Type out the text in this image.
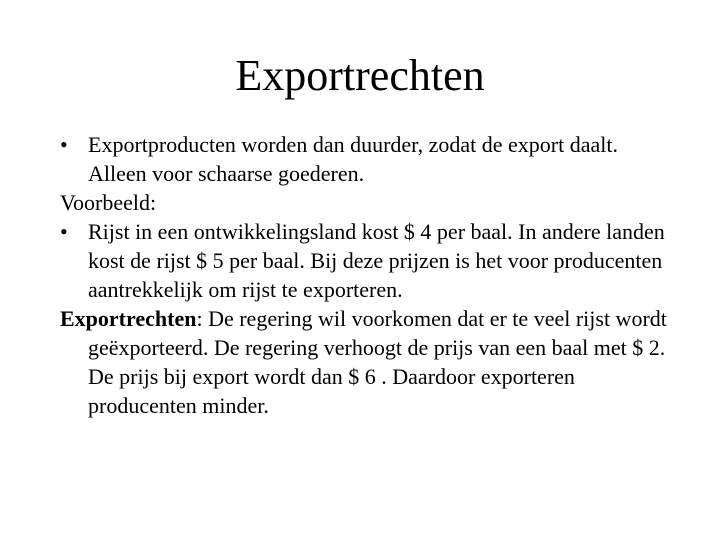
Exportrechten

• Exportproducten worden dan duurder, zodat de export daalt. Alleen voor schaarse goederen.

Voorbeeld:

• Rijst in een ontwikkelingsland kost $ 4 per baal. In andere landen kost de rijst $ 5 per baal. Bij deze prijzen is het voor producenten aantrekkelijk om rijst te exporteren.

Exportrechten: De regering wil voorkomen dat er te veel rijst wordt geëxporteerd. De regering verhoogt de prijs van een baal met $ 2. De prijs bij export wordt dan $ 6 . Daardoor exporteren producenten minder.
